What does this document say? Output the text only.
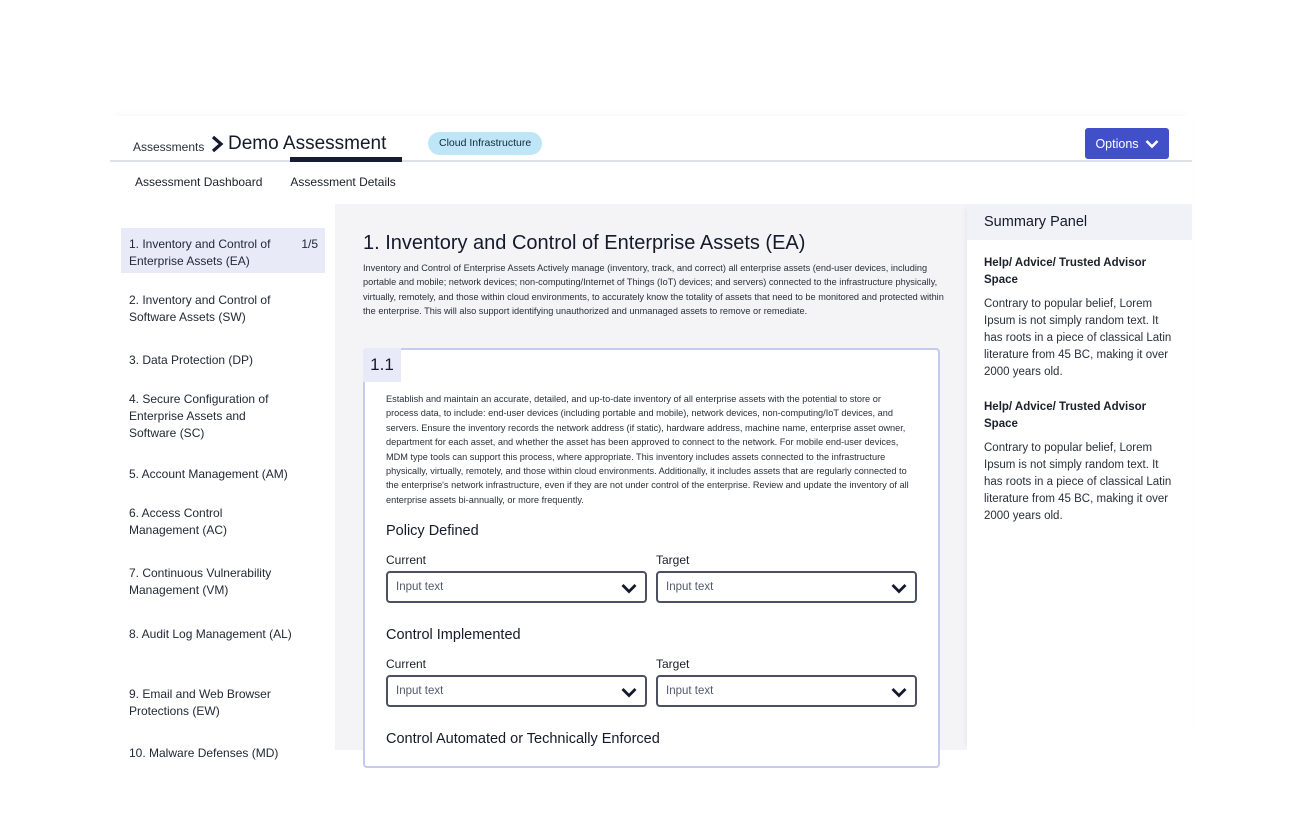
Assessments Demo Assessment	Cloud Infrastructure	Options
Assessment Dashboard Assessment Details
1. Inventory and Control of Enterprise Assets (EA)
1/5
2. Inventory and Control of Software Assets (SW)
3. Data Protection (DP)
4. Secure Configuration of Enterprise Assets and Software (SC)
5. Account Management (AM)
6. Access Control Management (AC)
7. Continuous Vulnerability Management (VM)
8. Audit Log Management (AL)
9. Email and Web Browser Protections (EW)
10. Malware Defenses (MD)
1. Inventory and Control of Enterprise Assets (EA)
Inventory and Control of Enterprise Assets Actively manage (inventory, track, and correct) all enterprise assets (end-user devices, including portable and mobile; network devices; non-computing/Internet of Things (IoT) devices; and servers) connected to the infrastructure physically, virtually, remotely, and those within cloud environments, to accurately know the totality of assets that need to be monitored and protected within the enterprise. This will also support identifying unauthorized and unmanaged assets to remove or remediate.
1.1
Establish and maintain an accurate, detailed, and up-to-date inventory of all enterprise assets with the potential to store or process data, to include: end-user devices (including portable and mobile), network devices, non-computing/IoT devices, and servers. Ensure the inventory records the network address (if static), hardware address, machine name, enterprise asset owner, department for each asset, and whether the asset has been approved to connect to the network. For mobile end-user devices, MDM type tools can support this process, where appropriate. This inventory includes assets connected to the infrastructure physically, virtually, remotely, and those within cloud environments. Additionally, it includes assets that are regularly connected to the enterprise's network infrastructure, even if they are not under control of the enterprise. Review and update the inventory of all enterprise assets bi-annually, or more frequently.
Policy Defined
Current	Target
Input text	Input text
Control Implemented
Current	Target
Input text	Input text
Control Automated or Technically Enforced
Summary Panel
Help/ Advice/ Trusted Advisor Space
Contrary to popular belief, Lorem Ipsum is not simply random text. It has roots in a piece of classical Latin literature from 45 BC, making it over 2000 years old.
Help/ Advice/ Trusted Advisor Space
Contrary to popular belief, Lorem Ipsum is not simply random text. It has roots in a piece of classical Latin literature from 45 BC, making it over 2000 years old.
